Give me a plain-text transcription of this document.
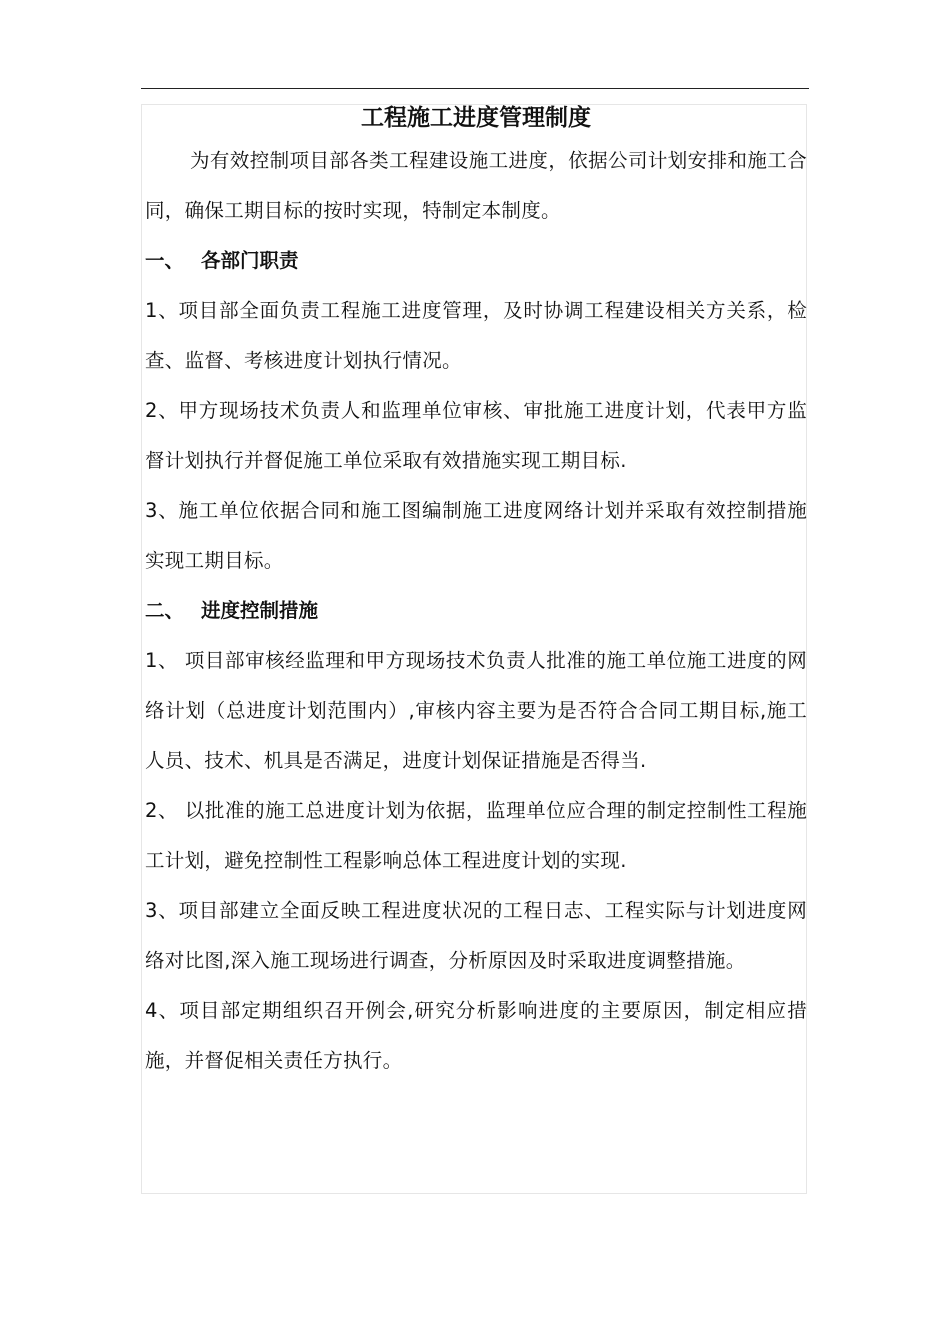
工程施工进度管理制度

为有效控制项目部各类工程建设施工进度，依据公司计划安排和施工合同，确保工期目标的按时实现，特制定本制度。

一、 各部门职责

1、项目部全面负责工程施工进度管理，及时协调工程建设相关方关系，检查、监督、考核进度计划执行情况。

2、甲方现场技术负责人和监理单位审核、审批施工进度计划，代表甲方监督计划执行并督促施工单位采取有效措施实现工期目标.

3、施工单位依据合同和施工图编制施工进度网络计划并采取有效控制措施实现工期目标。

二、 进度控制措施

1、 项目部审核经监理和甲方现场技术负责人批准的施工单位施工进度的网络计划（总进度计划范围内）,审核内容主要为是否符合合同工期目标,施工人员、技术、机具是否满足，进度计划保证措施是否得当.

2、 以批准的施工总进度计划为依据，监理单位应合理的制定控制性工程施工计划，避免控制性工程影响总体工程进度计划的实现.

3、项目部建立全面反映工程进度状况的工程日志、工程实际与计划进度网络对比图,深入施工现场进行调查，分析原因及时采取进度调整措施。

4、项目部定期组织召开例会,研究分析影响进度的主要原因，制定相应措施，并督促相关责任方执行。
